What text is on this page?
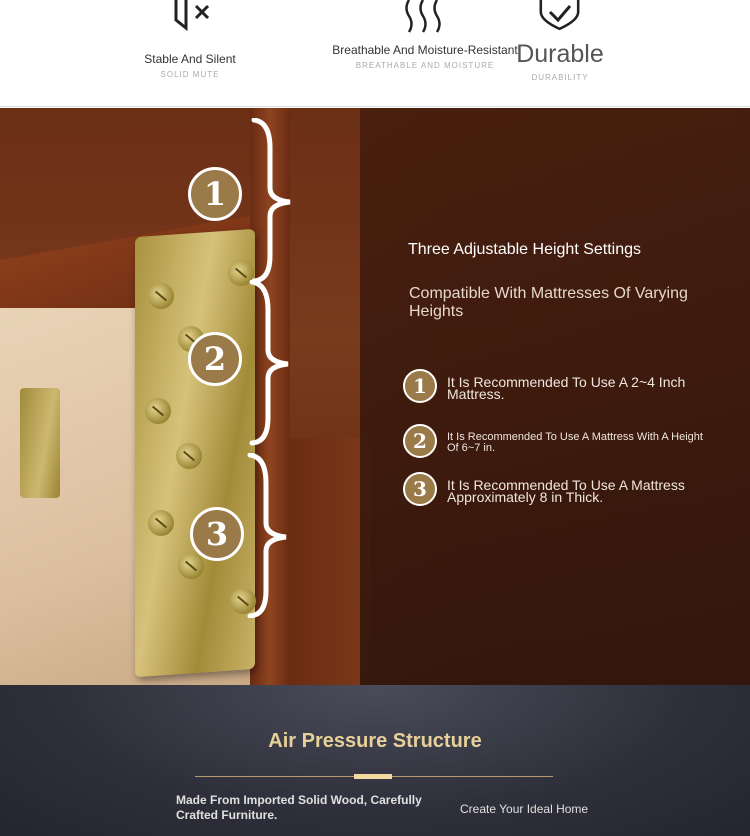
Stable And Silent
SOLID MUTE
Breathable And Moisture-Resistant
BREATHABLE AND MOISTURE Durable
DURABILITY
1
2
3
Three Adjustable Height Settings
Compatible With Mattresses Of Varying Heights
1	It Is Recommended To Use A 2~4 Inch Mattress.
2	It Is Recommended To Use A Mattress With A Height Of 6~7 in.
3	It Is Recommended To Use A Mattress Approximately 8 in Thick.
Air Pressure Structure
Made From Imported Solid Wood, Carefully Crafted Furniture.	Create Your Ideal Home
